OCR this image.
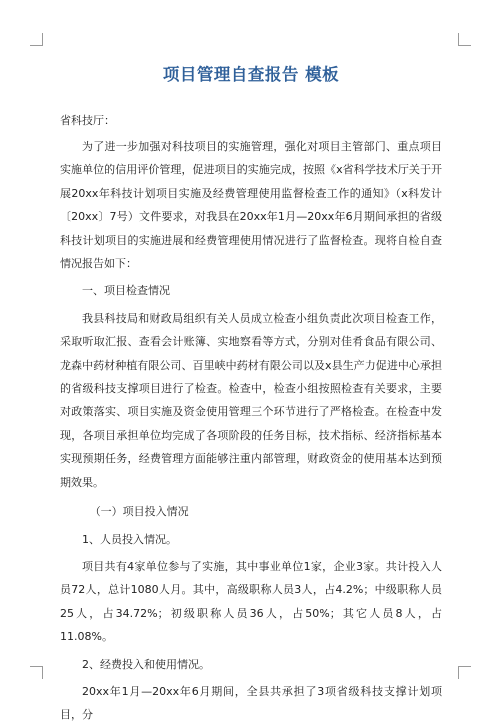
项目管理自查报告 模板

省科技厅：

为了进一步加强对科技项目的实施管理，强化对项目主管部门、重点项目实施单位的信用评价管理，促进项目的实施完成，按照《x省科学技术厅关于开展20xx年科技计划项目实施及经费管理使用监督检查工作的通知》（x科发计〔20xx〕7号）文件要求，对我县在20xx年1月—20xx年6月期间承担的省级科技计划项目的实施进展和经费管理使用情况进行了监督检查。现将自检自查情况报告如下：

一、项目检查情况

我县科技局和财政局组织有关人员成立检查小组负责此次项目检查工作，采取听取汇报、查看会计账簿、实地察看等方式，分别对佳肴食品有限公司、龙森中药材种植有限公司、百里峡中药材有限公司以及x县生产力促进中心承担的省级科技支撑项目进行了检查。检查中，检查小组按照检查有关要求，主要对政策落实、项目实施及资金使用管理三个环节进行了严格检查。在检查中发现，各项目承担单位均完成了各项阶段的任务目标，技术指标、经济指标基本实现预期任务，经费管理方面能够注重内部管理，财政资金的使用基本达到预期效果。

（一）项目投入情况

1、人员投入情况。

项目共有4家单位参与了实施，其中事业单位1家，企业3家。共计投入人员72人，总计1080人月。其中，高级职称人员3人，占4.2%；中级职称人员25人，占34.72%；初级职称人员36人，占50%；其它人员8人，占11.08%。

2、经费投入和使用情况。

20xx年1月—20xx年6月期间，全县共承担了3项省级科技支撑计划项目，分
